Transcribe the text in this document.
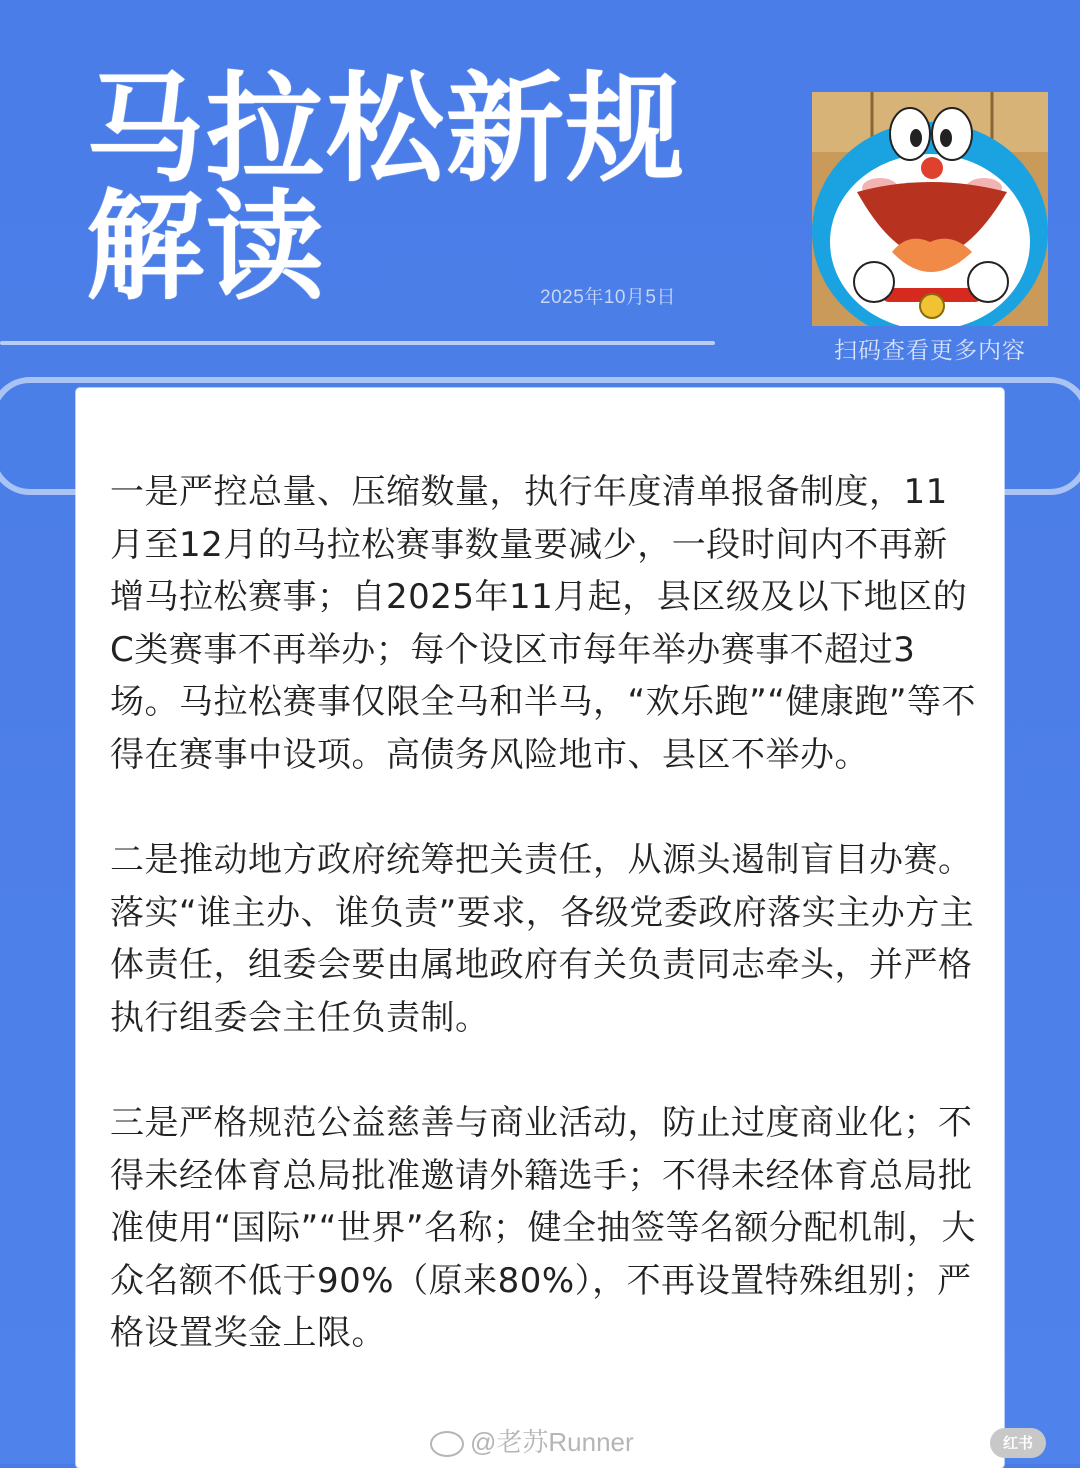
马拉松新规
解读	2025年10月5日
扫码查看更多内容

一是严控总量、压缩数量，执行年度清单报备制度，11月至12月的马拉松赛事数量要减少，一段时间内不再新增马拉松赛事；自2025年11月起，县区级及以下地区的C类赛事不再举办；每个设区市每年举办赛事不超过3场。马拉松赛事仅限全马和半马，“欢乐跑”“健康跑”等不得在赛事中设项。高债务风险地市、县区不举办。

二是推动地方政府统筹把关责任，从源头遏制盲目办赛。落实“谁主办、谁负责”要求，各级党委政府落实主办方主体责任，组委会要由属地政府有关负责同志牵头，并严格执行组委会主任负责制。

三是严格规范公益慈善与商业活动，防止过度商业化；不得未经体育总局批准邀请外籍选手；不得未经体育总局批准使用“国际”“世界”名称；健全抽签等名额分配机制，大众名额不低于90%（原来80%），不再设置特殊组别；严格设置奖金上限。

@老苏Runner	红书
